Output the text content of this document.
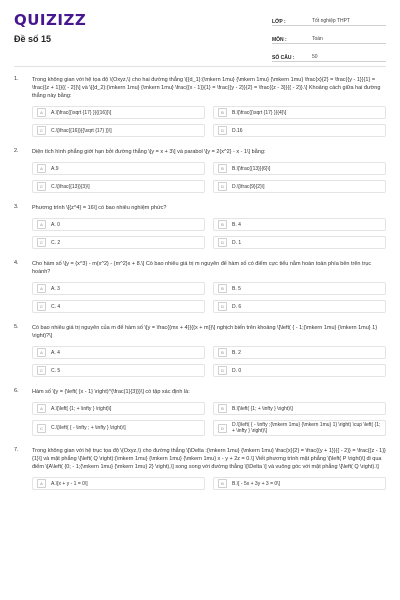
QUIZIZZ
Đề số 15
LỚP :	Tốt nghiệp THPT
MÔN :	Toán
SỐ CÂU :	50
1.	Trong không gian với hệ tọa độ \(Oxyz,\) cho hai đường thẳng \[{d_1}:{\mkern 1mu} {\mkern 1mu} {\mkern 1mu} \frac{x}{2} = \frac{{y - 1}}{1} = \frac{{z + 1}}{{ - 2}}\] và \[{d_2}:{\mkern 1mu} {\mkern 1mu} \frac{{x - 1}}{1} = \frac{{y - 2}}{2} = \frac{{z - 3}}{{ - 2}}.\] Khoảng cách giữa hai đường thẳng này bằng:
A	A.\[\frac{{\sqrt {17} }}{{16}}\]	B	B.\[\frac{{\sqrt {17} }}{4}\]
C	C.\[\frac{{16}}{{\sqrt {17} }}\]	D	D.16
2.	Diện tích hình phẳng giới hạn bởi đường thẳng \[y = x + 3\] và parabol \[y = 2{x^2} - x - 1\] bằng:
A	A.9	B	B.\[\frac{{13}}{6}\]
C	C.\[\frac{{13}}{3}\]	D	D.\[\frac{9}{2}\]
3.	Phương trình \[{z^4} = 16\] có bao nhiêu nghiệm phức?
A	A. 0	B	B. 4
C	C. 2	D	D. 1
4.	Cho hàm số \[y = {x^3} - m{x^2} - {m^2}x + 8.\] Có bao nhiêu giá trị m nguyên để hàm số có điểm cực tiểu nằm hoàn toàn phía bên trên trục hoành?
A	A. 3	B	B. 5
C	C. 4	D	D. 6
5.	Có bao nhiêu giá trị nguyên của m để hàm số \[y = \frac{{mx + 4}}{{x + m}}\] nghịch biến trên khoảng \[\left( { - 1;{\mkern 1mu} {\mkern 1mu} 1} \right)?\]
A	A. 4	B	B. 2
C	C. 5	D	D. 0
6.	Hàm số \[y = {\left( {x - 1} \right)^{\frac{1}{3}}}\] có tập xác định là:
A	A.\[\left[ {1; + \infty } \right)\]	B	B.\[\left( {1; + \infty } \right)\]
C	C.\[\left( { - \infty ; + \infty } \right)\]	D	D.\[\left( { - \infty ;{\mkern 1mu} {\mkern 1mu} 1} \right) \cup \left( {1; + \infty } \right)\]
7.	Trong không gian với hệ trục tọa độ \(Oxyz,\) cho đường thẳng \[\Delta :{\mkern 1mu} {\mkern 1mu} \frac{x}{2} = \frac{{y + 1}}{{ - 2}} = \frac{{z - 1}}{1}\] và mặt phẳng \[\left( Q \right):{\mkern 1mu} {\mkern 1mu} {\mkern 1mu} x - y + 2z = 0.\] Viết phương trình mặt phẳng \[\left( P \right)\] đi qua điểm \[A\left( {0; - 1;{\mkern 1mu} {\mkern 1mu} 2} \right),\] song song với đường thẳng \[\Delta \] và vuông góc với mặt phẳng \[\left( Q \right).\]
A	A.\[x + y - 1 = 0\]	B	B.\[ - 5x + 3y + 3 = 0\]
